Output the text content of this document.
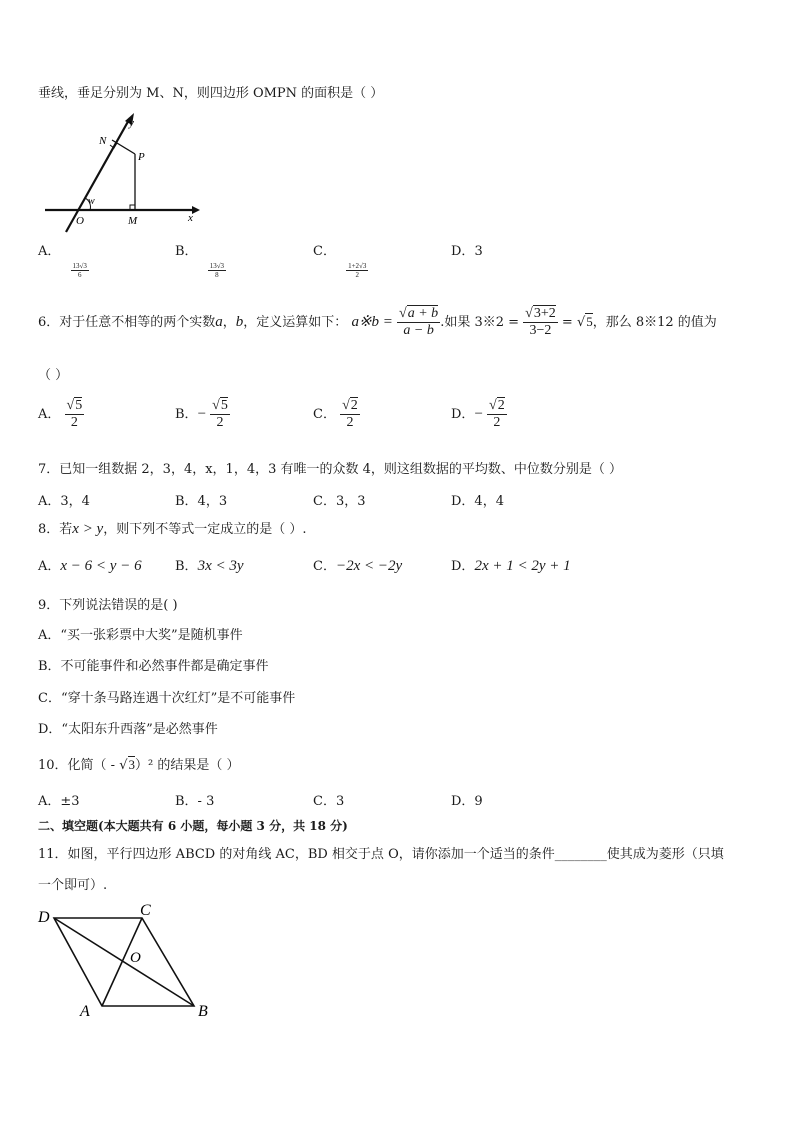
垂线，垂足分别为 M、N，则四边形 OMPN 的面积是（ ）
y
N
P
w
O	M	x
A．
$\frac{13√3}{6}$
B．
$\frac{13√3}{8}$
C．
$\frac{1+2√3}{2}$
D．3
6．对于任意不相等的两个实数a，b，定义运算如下： a※b = $\frac{√a + b}{a - b}$ .如果 3※2 = $\frac{√3+2}{3-2} = √5$，那么 8※12 的值为
（ ）
A． $\frac{√5}{2}$	B．− $\frac{√5}{2}$	C． $\frac{√2}{2}$	D．− $\frac{√2}{2}$
7．已知一组数据 2，3，4，x，1，4，3 有唯一的众数 4，则这组数据的平均数、中位数分别是（ ）
A．3，4	B．4，3	C．3，3	D．4，4
8．若x > y，则下列不等式一定成立的是（ ）.
A．x − 6 < y − 6	B．3x < 3y	C．−2x < −2y	D．2x + 1 < 2y + 1
9．下列说法错误的是( )
A．“买一张彩票中大奖”是随机事件
B．不可能事件和必然事件都是确定事件
C．“穿十条马路连遇十次红灯”是不可能事件
D．“太阳东升西落”是必然事件
10．化简（ - √3）² 的结果是（ ）
A．±3	B．- 3	C．3	D．9
二、填空题(本大题共有 6 小题，每小题 3 分，共 18 分)
11．如图，平行四边形 ABCD 的对角线 AC，BD 相交于点 O，请你添加一个适当的条件________使其成为菱形（只填
一个即可）.
D	C
O
A	B
